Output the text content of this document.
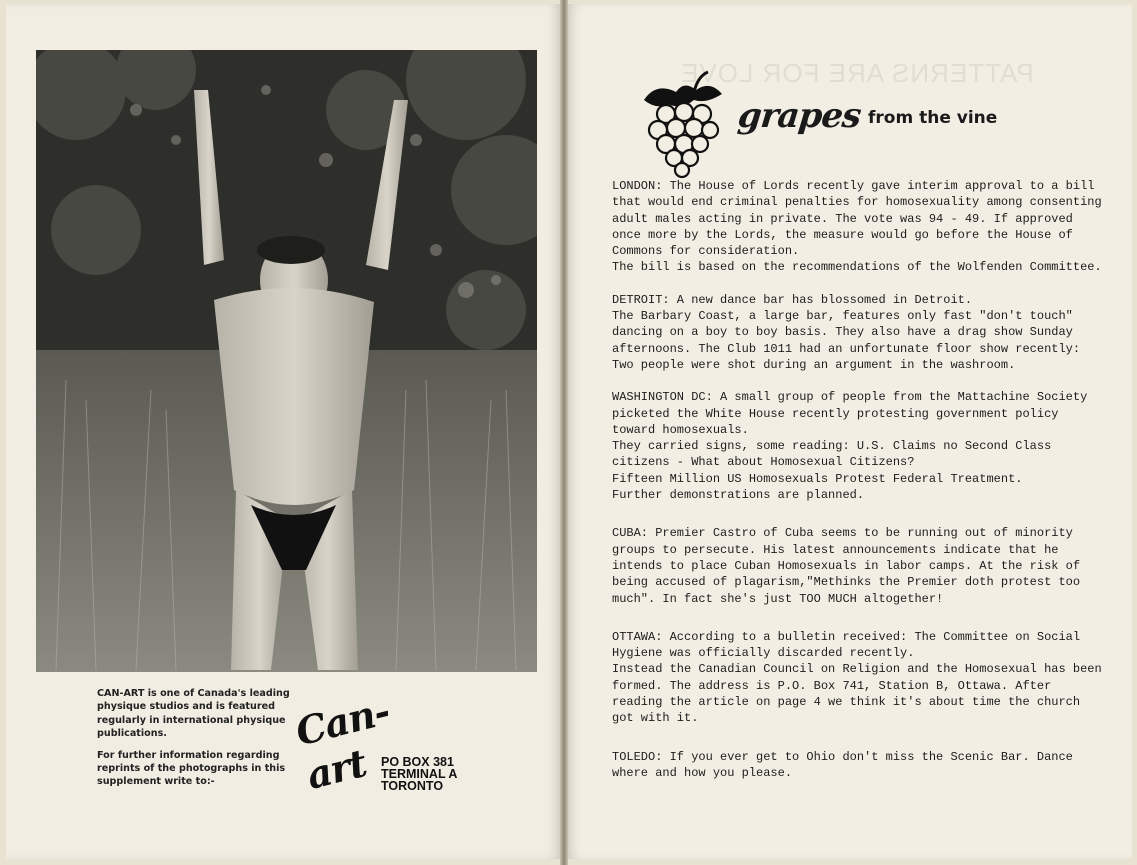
CAN-ART is one of Canada's leading physique studios and is featured regularly in international physique publications.

For further information regarding reprints of the photographs in this supplement write to:-

Can-art PO BOX 381
TERMINAL A
TORONTO
PATTERNS ARE FOR LOVE
grapes from the vine
LONDON: The House of Lords recently gave interim approval to a bill that would end criminal penalties for homosexuality among consenting adult males acting in private. The vote was 94 - 49. If approved once more by the Lords, the measure would go before the House of Commons for consideration.
The bill is based on the recommendations of the Wolfenden Committee.
DETROIT: A new dance bar has blossomed in Detroit.
The Barbary Coast, a large bar, features only fast "don't touch" dancing on a boy to boy basis. They also have a drag show Sunday afternoons. The Club 1011 had an unfortunate floor show recently: Two people were shot during an argument in the washroom.
WASHINGTON DC: A small group of people from the Mattachine Society picketed the White House recently protesting government policy toward homosexuals.
They carried signs, some reading: U.S. Claims no Second Class citizens - What about Homosexual Citizens?
Fifteen Million US Homosexuals Protest Federal Treatment.
Further demonstrations are planned.
CUBA: Premier Castro of Cuba seems to be running out of minority groups to persecute. His latest announcements indicate that he intends to place Cuban Homosexuals in labor camps. At the risk of being accused of plagarism,"Methinks the Premier doth protest too much". In fact she's just TOO MUCH altogether!
OTTAWA: According to a bulletin received: The Committee on Social Hygiene was officially discarded recently.
Instead the Canadian Council on Religion and the Homosexual has been formed. The address is P.O. Box 741, Station B, Ottawa. After reading the article on page 4 we think it's about time the church got with it.
TOLEDO: If you ever get to Ohio don't miss the Scenic Bar. Dance where and how you please.
